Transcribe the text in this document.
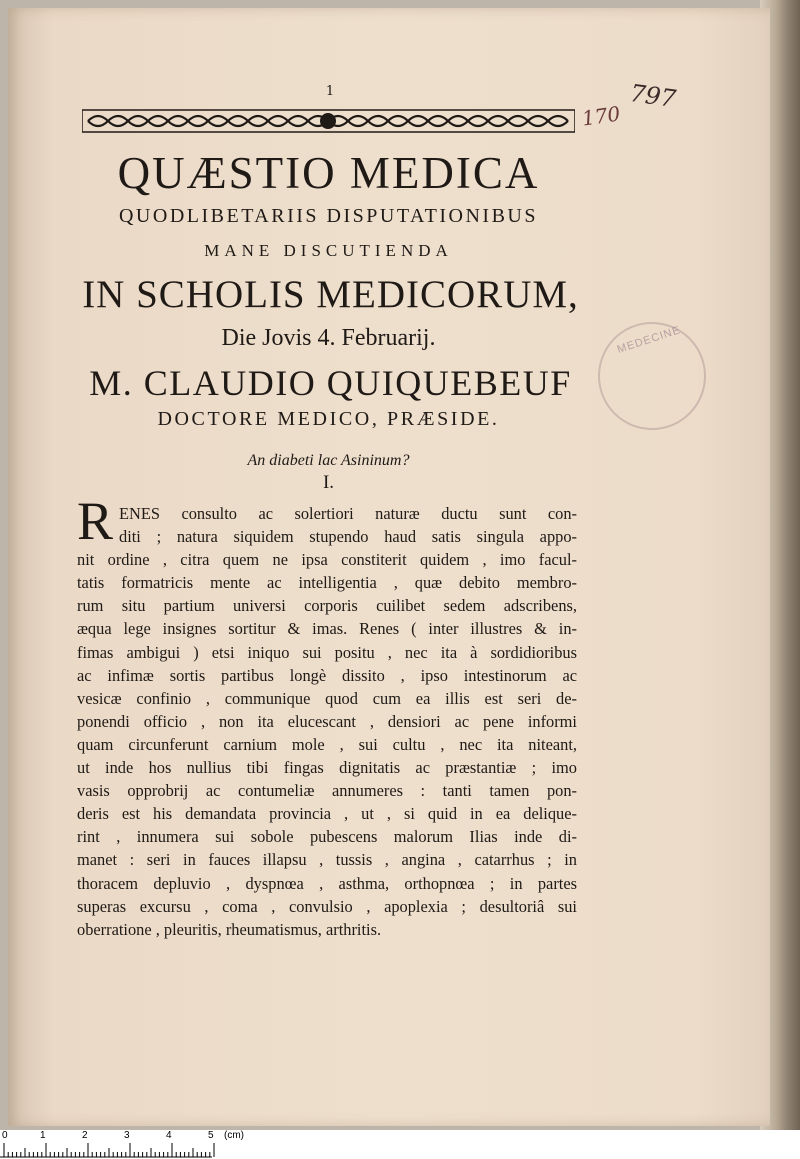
1
170
797
QUÆSTIO MEDICA
QUODLIBETARIIS DISPUTATIONIBUS
MANE DISCUTIENDA
IN SCHOLIS MEDICORUM,
Die Jovis 4. Februarij.
M. CLAUDIO QUIQUEBEUF
DOCTORE MEDICO, PRÆSIDE.
MEDECINE
An diabeti lac Asininum?
I.
R ENES consulto ac solertiori naturæ ductu sunt con-
diti ; natura siquidem stupendo haud satis singula appo-
nit ordine , citra quem ne ipsa constiterit quidem , imo facul-
tatis formatricis mente ac intelligentia , quæ debito membro-
rum situ partium universi corporis cuilibet sedem adscribens,
æqua lege insignes sortitur & imas. Renes ( inter illustres & in-
fimas ambigui ) etsi iniquo sui positu , nec ita à sordidioribus
ac infimæ sortis partibus longè dissito , ipso intestinorum ac
vesicæ confinio , communique quod cum ea illis est seri de-
ponendi officio , non ita elucescant , densiori ac pene informi
quam circunferunt carnium mole , sui cultu , nec ita niteant,
ut inde hos nullius tibi fingas dignitatis ac præstantiæ ; imo
vasis opprobrij ac contumeliæ annumeres : tanti tamen pon-
deris est his demandata provincia , ut , si quid in ea delique-
rint , innumera sui sobole pubescens malorum Ilias inde di-
manet : seri in fauces illapsu , tussis , angina , catarrhus ; in
thoracem depluvio , dyspnœa , asthma, orthopnœa ; in partes
superas excursu , coma , convulsio , apoplexia ; desultoriâ sui
oberratione , pleuritis, rheumatismus, arthritis.
0	1	2	3	4	5 (cm)
